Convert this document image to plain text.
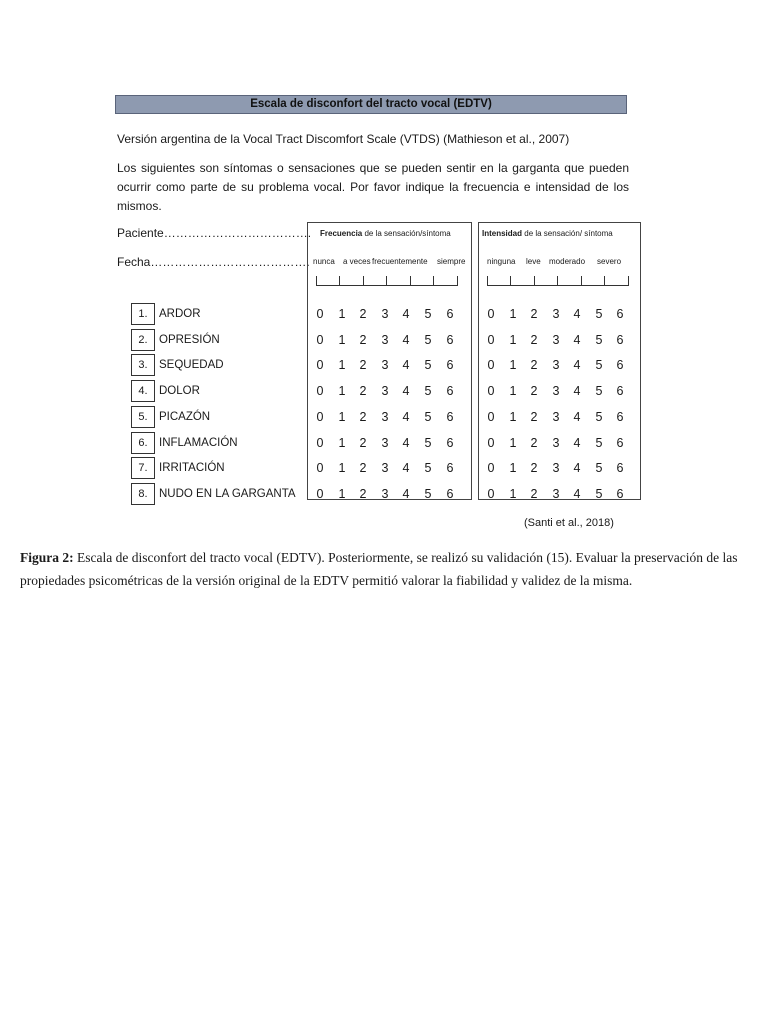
Escala de disconfort del tracto vocal (EDTV)
Versión argentina de la Vocal Tract Discomfort Scale (VTDS) (Mathieson et al., 2007)
Los siguientes son síntomas o sensaciones que se pueden sentir en la garganta que pueden ocurrir como parte de su problema vocal. Por favor indique la frecuencia e intensidad de los mismos.
Paciente……………………………….
Fecha………………………………….
Frecuencia de la sensación/síntoma
nunca a veces frecuentemente siempre
Intensidad de la sensación/ síntoma
ninguna leve moderado severo
1. ARDOR	0 1 2 3 4 5 6	0 1 2 3 4 5 6
2. OPRESIÓN	0 1 2 3 4 5 6	0 1 2 3 4 5 6
3. SEQUEDAD	0 1 2 3 4 5 6	0 1 2 3 4 5 6
4. DOLOR	0 1 2 3 4 5 6	0 1 2 3 4 5 6
5. PICAZÓN	0 1 2 3 4 5 6	0 1 2 3 4 5 6
6. INFLAMACIÓN	0 1 2 3 4 5 6	0 1 2 3 4 5 6
7. IRRITACIÓN	0 1 2 3 4 5 6	0 1 2 3 4 5 6
8. NUDO EN LA GARGANTA 0 1 2 3 4 5 6	0 1 2 3 4 5 6
(Santi et al., 2018)
Figura 2: Escala de disconfort del tracto vocal (EDTV). Posteriormente, se realizó su validación (15). Evaluar la preservación de las propiedades psicométricas de la versión original de la EDTV permitió valorar la fiabilidad y validez de la misma.
